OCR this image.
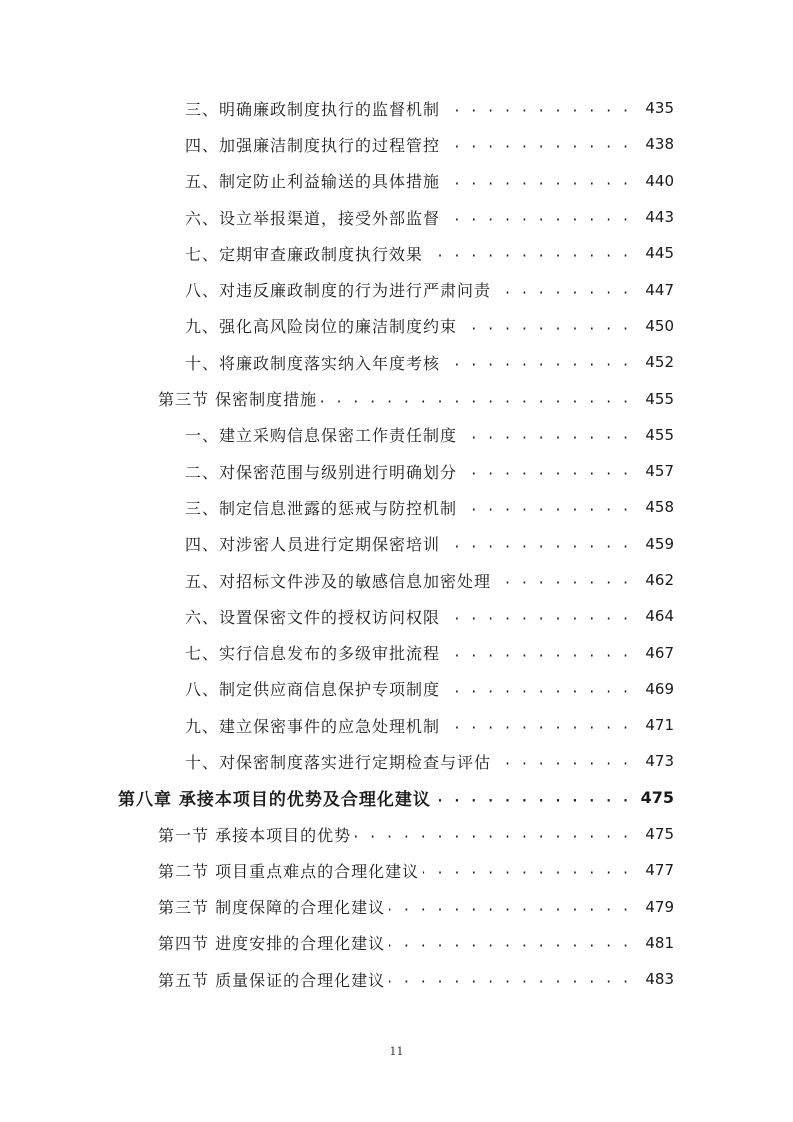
三、明确廉政制度执行的监督机制 . . .	435
四、加强廉洁制度执行的过程管控 . . .	438
五、制定防止利益输送的具体措施 . . .	440
六、设立举报渠道，接受外部监督 . . .	443
七、定期审查廉政制度执行效果 . . .	445
八、对违反廉政制度的行为进行严肃问责 . . .	447
九、强化高风险岗位的廉洁制度约束 . . .	450
十、将廉政制度落实纳入年度考核 . . .	452
第三节 保密制度措施 . . .	455
一、建立采购信息保密工作责任制度 . . .	455
二、对保密范围与级别进行明确划分 . . .	457
三、制定信息泄露的惩戒与防控机制 . . .	458
四、对涉密人员进行定期保密培训 . . .	459
五、对招标文件涉及的敏感信息加密处理 . . .	462
六、设置保密文件的授权访问权限 . . .	464
七、实行信息发布的多级审批流程 . . .	467
八、制定供应商信息保护专项制度 . . .	469
九、建立保密事件的应急处理机制 . . .	471
十、对保密制度落实进行定期检查与评估 . . .	473
第八章 承接本项目的优势及合理化建议 . . .	475
第一节 承接本项目的优势 . . .	475
第二节 项目重点难点的合理化建议 . . .	477
第三节 制度保障的合理化建议 . . .	479
第四节 进度安排的合理化建议 . . .	481
第五节 质量保证的合理化建议 . . .	483
11
